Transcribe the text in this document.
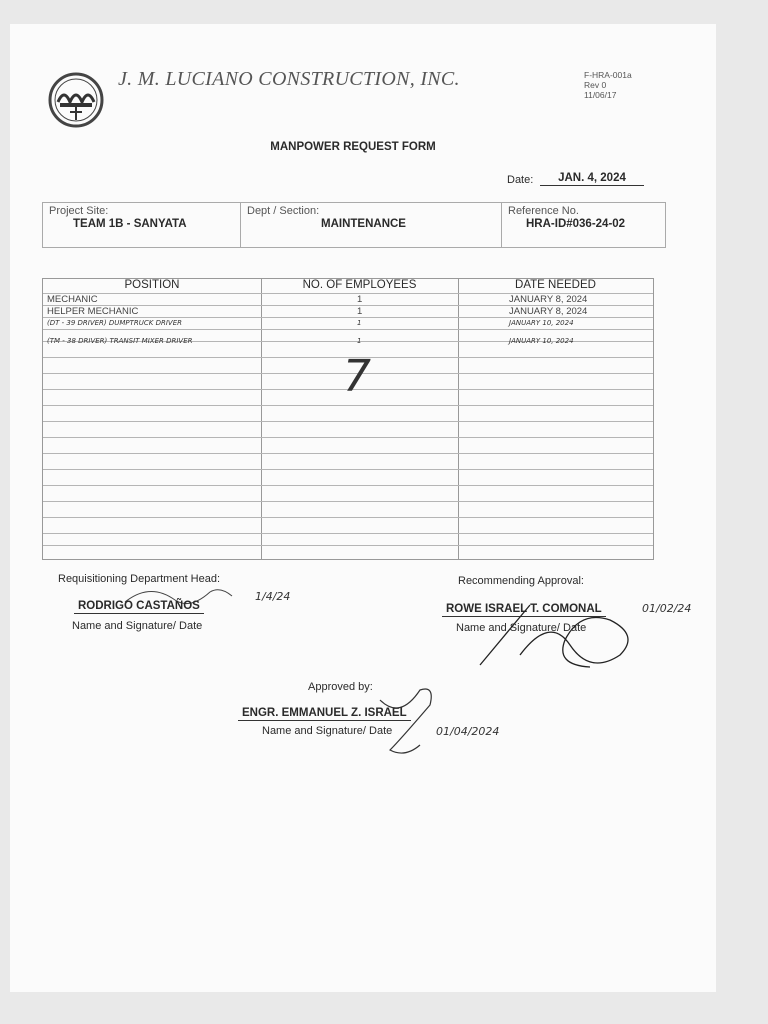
J. M. LUCIANO CONSTRUCTION, INC.	F-HRA-001a
Rev 0
11/06/17
MANPOWER REQUEST FORM
Date:	JAN. 4, 2024
Project Site:
TEAM 1B - SANYATA
Dept / Section:
MAINTENANCE
Reference No.
HRA-ID#036-24-02
POSITION	NO. OF EMPLOYEES	DATE NEEDED
MECHANIC	1	JANUARY 8, 2024
HELPER MECHANIC	1	JANUARY 8, 2024
(DT - 39 DRIVER) DUMPTRUCK DRIVER	1	JANUARY 10, 2024
(TM - 38 DRIVER) TRANSIT MIXER DRIVER	1	JANUARY 10, 2024
7
Requisitioning Department Head:
RODRIGO CASTAÑOS
1/4/24
Name and Signature/ Date
Recommending Approval:
ROWE ISRAEL T. COMONAL	01/02/24
Name and Signature/ Date
Approved by:
ENGR. EMMANUEL Z. ISRAEL
01/04/2024
Name and Signature/ Date
